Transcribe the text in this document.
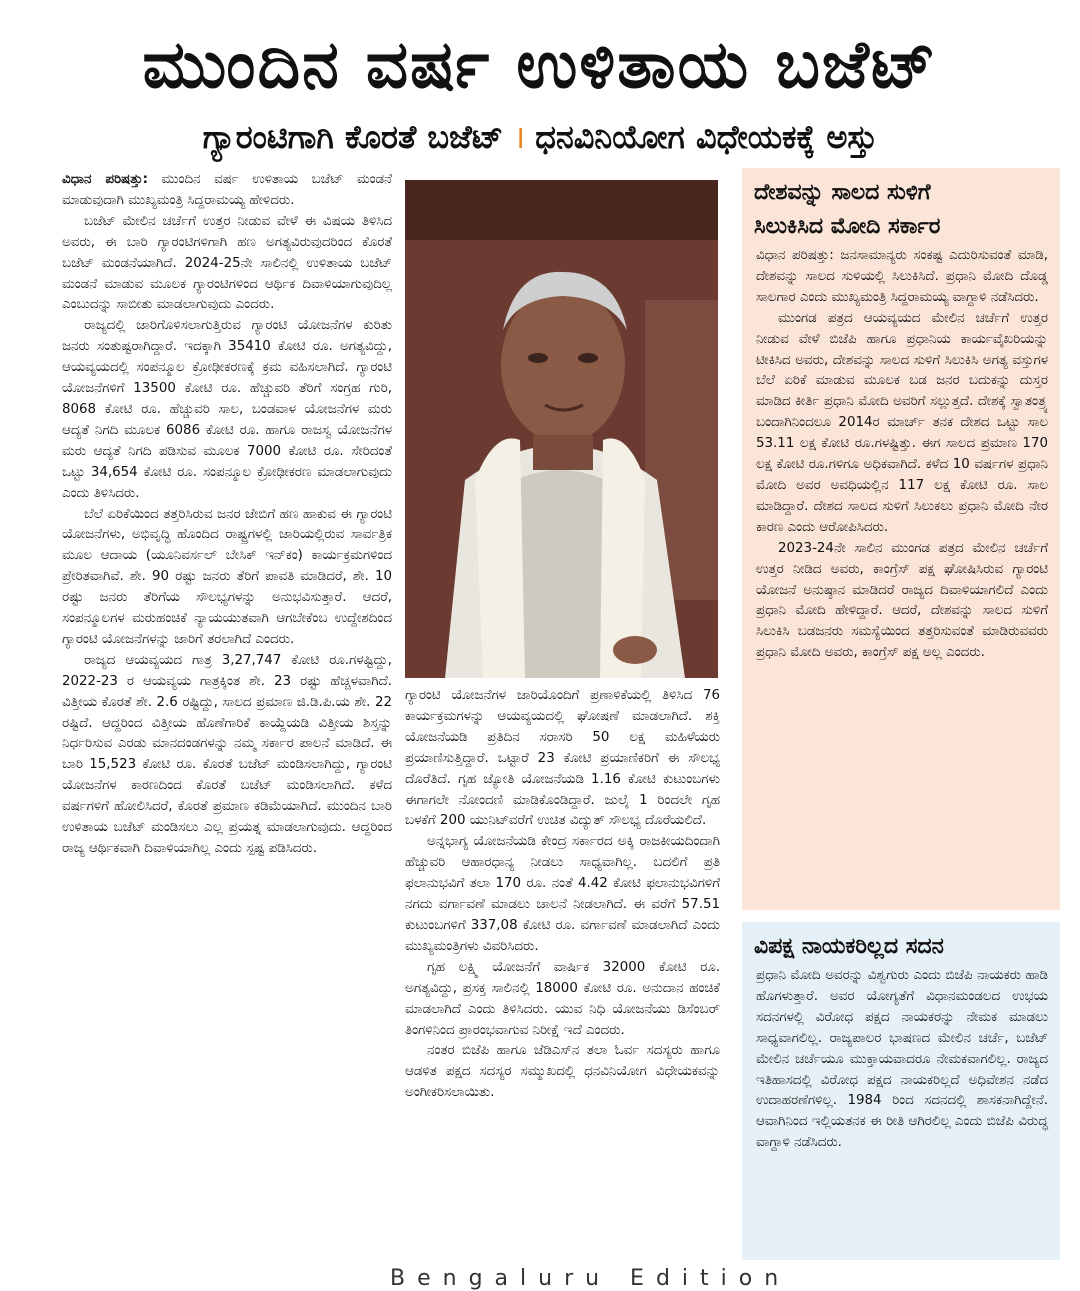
ಮುಂದಿನ ವರ್ಷ ಉಳಿತಾಯ ಬಜೆಟ್
ಗ್ಯಾರಂಟಿಗಾಗಿ ಕೊರತೆ ಬಜೆಟ್ । ಧನವಿನಿಯೋಗ ವಿಧೇಯಕಕ್ಕೆ ಅಸ್ತು

ವಿಧಾನ ಪರಿಷತ್ತು: ಮುಂದಿನ ವರ್ಷ ಉಳಿತಾಯ ಬಜೆಟ್ ಮಂಡನೆ ಮಾಡುವುದಾಗಿ ಮುಖ್ಯಮಂತ್ರಿ ಸಿದ್ದರಾಮಯ್ಯ ಹೇಳಿದರು.

ಬಜೆಟ್ ಮೇಲಿನ ಚರ್ಚೆಗೆ ಉತ್ತರ ನೀಡುವ ವೇಳೆ ಈ ವಿಷಯ ತಿಳಿಸಿದ ಅವರು, ಈ ಬಾರಿ ಗ್ಯಾರಂಟಿಗಳಿಗಾಗಿ ಹಣ ಅಗತ್ಯವಿರುವುದರಿಂದ ಕೊರತೆ ಬಜೆಟ್ ಮಂಡನೆಯಾಗಿದೆ. 2024-25ನೇ ಸಾಲಿನಲ್ಲಿ ಉಳಿತಾಯ ಬಜೆಟ್ ಮಂಡನೆ ಮಾಡುವ ಮೂಲಕ ಗ್ಯಾರಂಟಿಗಳಿಂದ ಆರ್ಥಿಕ ದಿವಾಳಿಯಾಗುವುದಿಲ್ಲ ಎಂಬುದನ್ನು ಸಾಬೀತು ಮಾಡಲಾಗುವುದು ಎಂದರು.

ರಾಜ್ಯದಲ್ಲಿ ಜಾರಿಗೊಳಿಸಲಾಗುತ್ತಿರುವ ಗ್ಯಾರಂಟಿ ಯೋಜನೆಗಳ ಕುರಿತು ಜನರು ಸಂತುಷ್ಟರಾಗಿದ್ದಾರೆ. ಇದಕ್ಕಾಗಿ 35410 ಕೋಟಿ ರೂ. ಅಗತ್ಯವಿದ್ದು, ಆಯವ್ಯಯದಲ್ಲಿ ಸಂಪನ್ಮೂಲ ಕ್ರೋಢೀಕರಣಕ್ಕೆ ಕ್ರಮ ವಹಿಸಲಾಗಿದೆ. ಗ್ಯಾರಂಟಿ ಯೋಜನೆಗಳಿಗೆ 13500 ಕೋಟಿ ರೂ. ಹೆಚ್ಚುವರಿ ತೆರಿಗೆ ಸಂಗ್ರಹ ಗುರಿ, 8068 ಕೋಟಿ ರೂ. ಹೆಚ್ಚುವರಿ ಸಾಲ, ಬಂಡವಾಳ ಯೋಜನೆಗಳ ಮರು ಆದ್ಯತೆ ನಿಗದಿ ಮೂಲಕ 6086 ಕೋಟಿ ರೂ. ಹಾಗೂ ರಾಜಸ್ವ ಯೋಜನೆಗಳ ಮರು ಆದ್ಯತೆ ನಿಗದಿ ಪಡಿಸುವ ಮೂಲಕ 7000 ಕೋಟಿ ರೂ. ಸೇರಿದಂತೆ ಒಟ್ಟು 34,654 ಕೋಟಿ ರೂ. ಸಂಪನ್ಮೂಲ ಕ್ರೋಢೀಕರಣ ಮಾಡಲಾಗುವುದು ಎಂದು ತಿಳಿಸಿದರು.

ಬೆಲೆ ಏರಿಕೆಯಿಂದ ತತ್ತರಿಸಿರುವ ಜನರ ಜೇಬಿಗೆ ಹಣ ಹಾಕುವ ಈ ಗ್ಯಾರಂಟಿ ಯೋಜನೆಗಳು, ಅಭಿವೃದ್ಧಿ ಹೊಂದಿದ ರಾಷ್ಟ್ರಗಳಲ್ಲಿ ಜಾರಿಯಲ್ಲಿರುವ ಸಾರ್ವತ್ರಿಕ ಮೂಲ ಆದಾಯ (ಯೂನಿವರ್ಸಲ್ ಬೇಸಿಕ್ ಇನ್‌ಕಂ) ಕಾರ್ಯಕ್ರಮಗಳಿಂದ ಪ್ರೇರಿತವಾಗಿವೆ. ಶೇ. 90 ರಷ್ಟು ಜನರು ತೆರಿಗೆ ಪಾವತಿ ಮಾಡಿದರೆ, ಶೇ. 10 ರಷ್ಟು ಜನರು ತೆರಿಗೆಯ ಸೌಲಭ್ಯಗಳನ್ನು ಅನುಭವಿಸುತ್ತಾರೆ. ಆದರೆ, ಸಂಪನ್ಮೂಲಗಳ ಮರುಹಂಚಿಕೆ ನ್ಯಾಯಯುತವಾಗಿ ಆಗಬೇಕೆಂಬ ಉದ್ದೇಶದಿಂದ ಗ್ಯಾರಂಟಿ ಯೋಜನೆಗಳನ್ನು ಜಾರಿಗೆ ತರಲಾಗಿದೆ ಎಂದರು.

ರಾಜ್ಯದ ಆಯವ್ಯಯದ ಗಾತ್ರ 3,27,747 ಕೋಟಿ ರೂ.ಗಳಷ್ಟಿದ್ದು, 2022-23 ರ ಆಯವ್ಯಯ ಗಾತ್ರಕ್ಕಿಂತ ಶೇ. 23 ರಷ್ಟು ಹೆಚ್ಚಳವಾಗಿದೆ. ವಿತ್ತೀಯ ಕೊರತೆ ಶೇ. 2.6 ರಷ್ಟಿದ್ದು, ಸಾಲದ ಪ್ರಮಾಣ ಜಿ.ಡಿ.ಪಿ.ಯ ಶೇ. 22 ರಷ್ಟಿದೆ. ಆದ್ದರಿಂದ ವಿತ್ತೀಯ ಹೊಣೆಗಾರಿಕೆ ಕಾಯ್ದೆಯಡಿ ವಿತ್ತೀಯ ಶಿಸ್ತನ್ನು ನಿರ್ಧರಿಸುವ ಎರಡು ಮಾನದಂಡಗಳನ್ನು ನಮ್ಮ ಸರ್ಕಾರ ಪಾಲನೆ ಮಾಡಿದೆ. ಈ ಬಾರಿ 15,523 ಕೋಟಿ ರೂ. ಕೊರತೆ ಬಜೆಟ್ ಮಂಡಿಸಲಾಗಿದ್ದು, ಗ್ಯಾರಂಟಿ ಯೋಜನೆಗಳ ಕಾರಣದಿಂದ ಕೊರತೆ ಬಜೆಟ್ ಮಂಡಿಸಲಾಗಿದೆ. ಕಳೆದ ವರ್ಷಗಳಿಗೆ ಹೋಲಿಸಿದರೆ, ಕೊರತೆ ಪ್ರಮಾಣ ಕಡಿಮೆಯಾಗಿದೆ. ಮುಂದಿನ ಬಾರಿ ಉಳಿತಾಯ ಬಜೆಟ್ ಮಂಡಿಸಲು ಎಲ್ಲ ಪ್ರಯತ್ನ ಮಾಡಲಾಗುವುದು. ಆದ್ದರಿಂದ ರಾಜ್ಯ ಆರ್ಥಿಕವಾಗಿ ದಿವಾಳಿಯಾಗಿಲ್ಲ ಎಂದು ಸ್ಪಷ್ಟ ಪಡಿಸಿದರು.

ಗ್ಯಾರಂಟಿ ಯೋಜನೆಗಳ ಜಾರಿಯೊಂದಿಗೆ ಪ್ರಣಾಳಿಕೆಯಲ್ಲಿ ತಿಳಿಸಿದ 76 ಕಾರ್ಯಕ್ರಮಗಳನ್ನು ಆಯವ್ಯಯದಲ್ಲಿ ಘೋಷಣೆ ಮಾಡಲಾಗಿದೆ. ಶಕ್ತಿ ಯೋಜನೆಯಡಿ ಪ್ರತಿದಿನ ಸರಾಸರಿ 50 ಲಕ್ಷ ಮಹಿಳೆಯರು ಪ್ರಯಾಣಿಸುತ್ತಿದ್ದಾರೆ. ಒಟ್ಟಾರೆ 23 ಕೋಟಿ ಪ್ರಯಾಣಿಕರಿಗೆ ಈ ಸೌಲಭ್ಯ ದೊರೆತಿದೆ. ಗೃಹ ಜ್ಯೋತಿ ಯೋಜನೆಯಡಿ 1.16 ಕೋಟಿ ಕುಟುಂಬಗಳು ಈಗಾಗಲೇ ನೋಂದಣಿ ಮಾಡಿಕೊಂಡಿದ್ದಾರೆ. ಜುಲೈ 1 ರಿಂದಲೇ ಗೃಹ ಬಳಕೆಗೆ 200 ಯುನಿಟ್‌ವರೆಗೆ ಉಚಿತ ವಿದ್ಯುತ್ ಸೌಲಭ್ಯ ದೊರೆಯಲಿದೆ.

ಅನ್ನಭಾಗ್ಯ ಯೋಜನೆಯಡಿ ಕೇಂದ್ರ ಸರ್ಕಾರದ ಅಕ್ಕಿ ರಾಜಕೀಯದಿಂದಾಗಿ ಹೆಚ್ಚುವರಿ ಆಹಾರಧಾನ್ಯ ನೀಡಲು ಸಾಧ್ಯವಾಗಿಲ್ಲ. ಬದಲಿಗೆ ಪ್ರತಿ ಫಲಾನುಭವಿಗೆ ತಲಾ 170 ರೂ. ನಂತೆ 4.42 ಕೋಟಿ ಫಲಾನುಭವಿಗಳಿಗೆ ನಗದು ವರ್ಗಾವಣೆ ಮಾಡಲು ಚಾಲನೆ ನೀಡಲಾಗಿದೆ. ಈ ವರೆಗೆ 57.51 ಕುಟುಂಬಗಳಿಗೆ 337,08 ಕೋಟಿ ರೂ. ವರ್ಗಾವಣೆ ಮಾಡಲಾಗಿದೆ ಎಂದು ಮುಖ್ಯಮಂತ್ರಿಗಳು ವಿವರಿಸಿದರು.

ಗೃಹ ಲಕ್ಷ್ಮಿ ಯೋಜನೆಗೆ ವಾರ್ಷಿಕ 32000 ಕೋಟಿ ರೂ. ಅಗತ್ಯವಿದ್ದು, ಪ್ರಸಕ್ತ ಸಾಲಿನಲ್ಲಿ 18000 ಕೋಟಿ ರೂ. ಅನುದಾನ ಹಂಚಿಕೆ ಮಾಡಲಾಗಿದೆ ಎಂದು ತಿಳಿಸಿದರು. ಯುವ ನಿಧಿ ಯೋಜನೆಯು ಡಿಸೆಂಬರ್ ತಿಂಗಳಿನಿಂದ ಪ್ರಾರಂಭವಾಗುವ ನಿರೀಕ್ಷೆ ಇದೆ ಎಂದರು.

ನಂತರ ಬಿಜೆಪಿ ಹಾಗೂ ಜೆಡಿಎಸ್‌ನ ತಲಾ ಓರ್ವ ಸದಸ್ಯರು ಹಾಗೂ ಆಡಳಿತ ಪಕ್ಷದ ಸದಸ್ಯರ ಸಮ್ಮುಖದಲ್ಲಿ ಧನವಿನಿಯೋಗ ವಿಧೇಯಕವನ್ನು ಅಂಗೀಕರಿಸಲಾಯಿತು.

ದೇಶವನ್ನು ಸಾಲದ ಸುಳಿಗೆ
ಸಿಲುಕಿಸಿದ ಮೋದಿ ಸರ್ಕಾರ

ವಿಧಾನ ಪರಿಷತ್ತು: ಜನಸಾಮಾನ್ಯರು ಸಂಕಷ್ಟ ಎದುರಿಸುವಂತೆ ಮಾಡಿ, ದೇಶವನ್ನು ಸಾಲದ ಸುಳಿಯಲ್ಲಿ ಸಿಲುಕಿಸಿದೆ. ಪ್ರಧಾನಿ ಮೋದಿ ದೊಡ್ಡ ಸಾಲಗಾರ ಎಂದು ಮುಖ್ಯಮಂತ್ರಿ ಸಿದ್ದರಾಮಯ್ಯ ವಾಗ್ದಾಳಿ ನಡೆಸಿದರು.

ಮುಂಗಡ ಪತ್ರದ ಆಯವ್ಯಯದ ಮೇಲಿನ ಚರ್ಚೆಗೆ ಉತ್ತರ ನೀಡುವ ವೇಳೆ ಬಿಜೆಪಿ ಹಾಗೂ ಪ್ರಧಾನಿಯ ಕಾರ್ಯವೈಖರಿಯನ್ನು ಟೀಕಿಸಿದ ಅವರು, ದೇಶವನ್ನು ಸಾಲದ ಸುಳಿಗೆ ಸಿಲುಕಿಸಿ ಅಗತ್ಯ ವಸ್ತುಗಳ ಬೆಲೆ ಏರಿಕೆ ಮಾಡುವ ಮೂಲಕ ಬಡ ಜನರ ಬದುಕನ್ನು ದುಸ್ತರ ಮಾಡಿದ ಕೀರ್ತಿ ಪ್ರಧಾನಿ ಮೋದಿ ಅವರಿಗೆ ಸಲ್ಲುತ್ತದೆ. ದೇಶಕ್ಕೆ ಸ್ವಾತಂತ್ರ್ಯ ಬಂದಾಗಿನಿಂದಲೂ 2014ರ ಮಾರ್ಚ್ ತನಕ ದೇಶದ ಒಟ್ಟು ಸಾಲ 53.11 ಲಕ್ಷ ಕೋಟಿ ರೂ.ಗಳಷ್ಟಿತ್ತು. ಈಗ ಸಾಲದ ಪ್ರಮಾಣ 170 ಲಕ್ಷ ಕೋಟಿ ರೂ.ಗಳಿಗೂ ಅಧಿಕವಾಗಿದೆ. ಕಳೆದ 10 ವರ್ಷಗಳ ಪ್ರಧಾನಿ ಮೋದಿ ಅವರ ಅವಧಿಯಲ್ಲಿನ 117 ಲಕ್ಷ ಕೋಟಿ ರೂ. ಸಾಲ ಮಾಡಿದ್ದಾರೆ. ದೇಶದ ಸಾಲದ ಸುಳಿಗೆ ಸಿಲುಕಲು ಪ್ರಧಾನಿ ಮೋದಿ ನೇರ ಕಾರಣ ಎಂದು ಆರೋಪಿಸಿದರು.

2023-24ನೇ ಸಾಲಿನ ಮುಂಗಡ ಪತ್ರದ ಮೇಲಿನ ಚರ್ಚೆಗೆ ಉತ್ತರ ನೀಡಿದ ಅವರು, ಕಾಂಗ್ರೆಸ್ ಪಕ್ಷ ಘೋಷಿಸಿರುವ ಗ್ಯಾರಂಟಿ ಯೋಜನೆ ಅನುಷ್ಠಾನ ಮಾಡಿದರೆ ರಾಜ್ಯದ ದಿವಾಳಿಯಾಗಲಿದೆ ಎಂದು ಪ್ರಧಾನಿ ಮೋದಿ ಹೇಳಿದ್ದಾರೆ. ಆದರೆ, ದೇಶವನ್ನು ಸಾಲದ ಸುಳಿಗೆ ಸಿಲುಕಿಸಿ ಬಡಜನರು ಸಮಸ್ಯೆಯಿಂದ ತತ್ತರಿಸುವಂತೆ ಮಾಡಿರುವವರು ಪ್ರಧಾನಿ ಮೋದಿ ಅವರು, ಕಾಂಗ್ರೆಸ್ ಪಕ್ಷ ಅಲ್ಲ ಎಂದರು.

ವಿಪಕ್ಷ ನಾಯಕರಿಲ್ಲದ ಸದನ

ಪ್ರಧಾನಿ ಮೋದಿ ಅವರನ್ನು ವಿಶ್ವಗುರು ಎಂದು ಬಿಜೆಪಿ ನಾಯಕರು ಹಾಡಿ ಹೊಗಳುತ್ತಾರೆ. ಅವರ ಯೋಗ್ಯತೆಗೆ ವಿಧಾನಮಂಡಲದ ಉಭಯ ಸದನಗಳಲ್ಲಿ ವಿರೋಧ ಪಕ್ಷದ ನಾಯಕರನ್ನು ನೇಮಕ ಮಾಡಲು ಸಾಧ್ಯವಾಗಲಿಲ್ಲ. ರಾಜ್ಯಪಾಲರ ಭಾಷಣದ ಮೇಲಿನ ಚರ್ಚೆ, ಬಜೆಟ್ ಮೇಲಿನ ಚರ್ಚೆಯೂ ಮುಕ್ತಾಯವಾದರೂ ನೇಮಕವಾಗಲಿಲ್ಲ. ರಾಜ್ಯದ ಇತಿಹಾಸದಲ್ಲಿ ವಿರೋಧ ಪಕ್ಷದ ನಾಯಕರಿಲ್ಲದೆ ಅಧಿವೇಶನ ನಡೆದ ಉದಾಹರಣೆಗಳಿಲ್ಲ. 1984 ರಿಂದ ಸದನದಲ್ಲಿ ಶಾಸಕನಾಗಿದ್ದೇನೆ. ಆವಾಗಿನಿಂದ ಇಲ್ಲಿಯತನಕ ಈ ರೀತಿ ಆಗಿರಲಿಲ್ಲ ಎಂದು ಬಿಜೆಪಿ ವಿರುದ್ಧ ವಾಗ್ದಾಳಿ ನಡೆಸಿದರು.

Bengaluru Edition
